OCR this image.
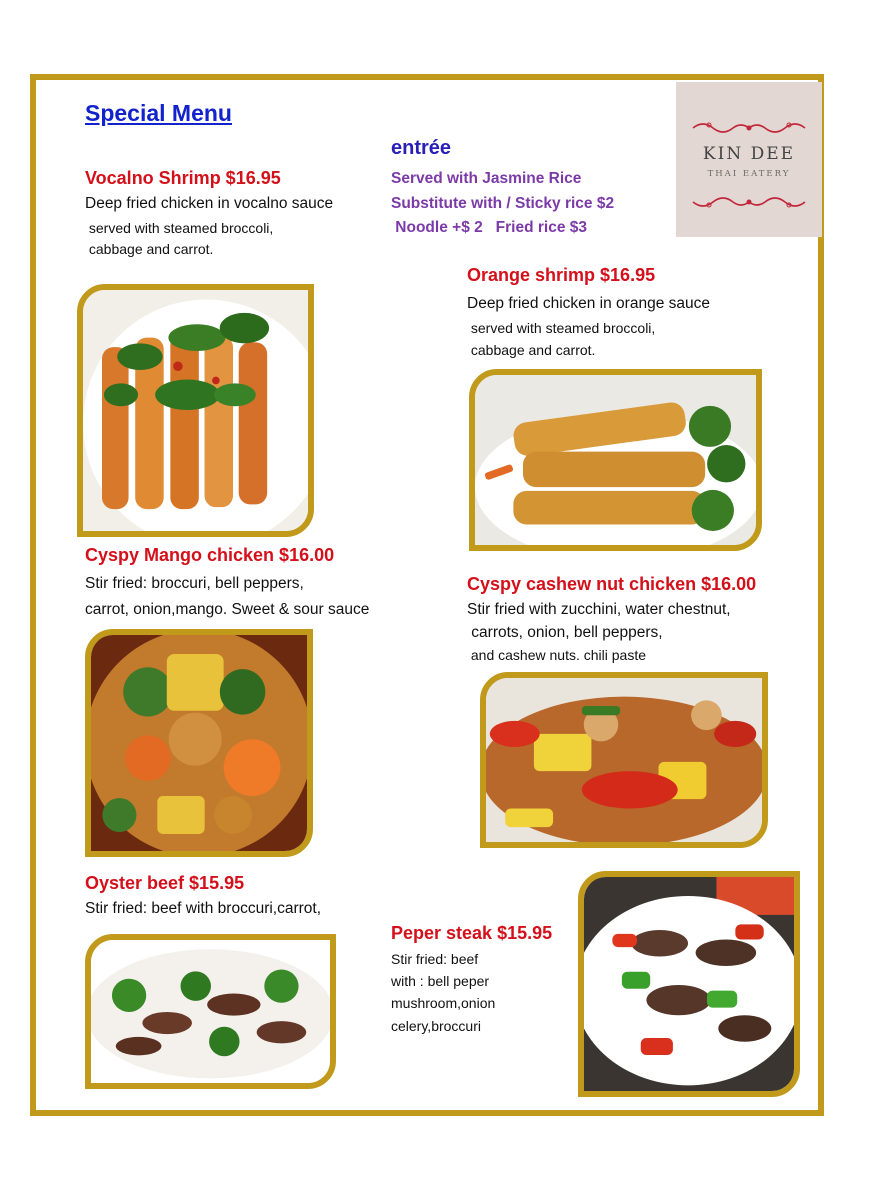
Special Menu
entrée
Served with Jasmine Rice
Substitute with / Sticky rice $2
Noodle +$ 2   Fried rice $3
KIN DEE
THAI EATERY
Vocalno Shrimp $16.95
Deep fried chicken in vocalno sauce
served with steamed broccoli,
cabbage and carrot.
Orange shrimp $16.95
Deep fried chicken in orange sauce
served with steamed broccoli,
cabbage and carrot.
Cyspy Mango chicken $16.00
Stir fried: broccuri, bell peppers,
carrot, onion,mango. Sweet & sour sauce
Cyspy cashew nut chicken $16.00
Stir fried with zucchini, water chestnut,
carrots, onion, bell peppers,
and cashew nuts. chili paste
Oyster beef $15.95
Stir fried: beef with broccuri,carrot,
Peper steak $15.95
Stir fried: beef
with : bell peper
mushroom,onion
celery,broccuri
